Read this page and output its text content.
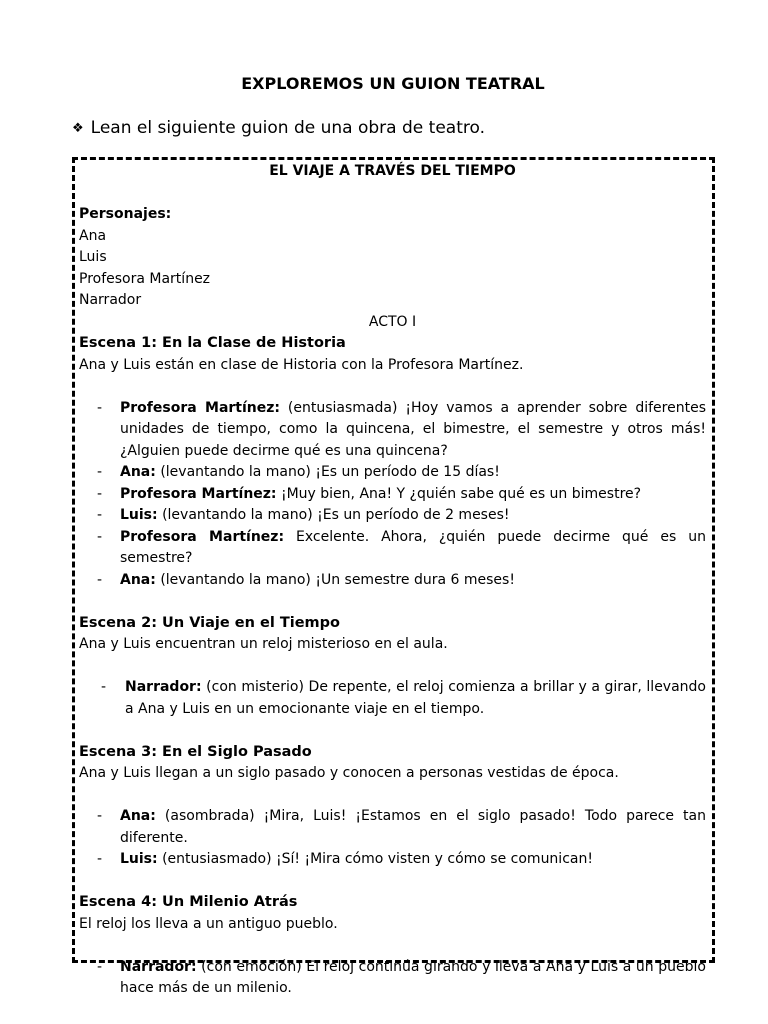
EXPLOREMOS UN GUION TEATRAL
❖ Lean el siguiente guion de una obra de teatro.
EL VIAJE A TRAVÉS DEL TIEMPO
Personajes:
Ana
Luis
Profesora Martínez
Narrador
ACTO I
Escena 1: En la Clase de Historia
Ana y Luis están en clase de Historia con la Profesora Martínez.
- Profesora Martínez: (entusiasmada) ¡Hoy vamos a aprender sobre diferentes unidades de tiempo, como la quincena, el bimestre, el semestre y otros más! ¿Alguien puede decirme qué es una quincena?
- Ana: (levantando la mano) ¡Es un período de 15 días!
- Profesora Martínez: ¡Muy bien, Ana! Y ¿quién sabe qué es un bimestre?
- Luis: (levantando la mano) ¡Es un período de 2 meses!
- Profesora Martínez: Excelente. Ahora, ¿quién puede decirme qué es un semestre?
- Ana: (levantando la mano) ¡Un semestre dura 6 meses!
Escena 2: Un Viaje en el Tiempo
Ana y Luis encuentran un reloj misterioso en el aula.
- Narrador: (con misterio) De repente, el reloj comienza a brillar y a girar, llevando a Ana y Luis en un emocionante viaje en el tiempo.
Escena 3: En el Siglo Pasado
Ana y Luis llegan a un siglo pasado y conocen a personas vestidas de época.
- Ana: (asombrada) ¡Mira, Luis! ¡Estamos en el siglo pasado! Todo parece tan diferente.
- Luis: (entusiasmado) ¡Sí! ¡Mira cómo visten y cómo se comunican!
Escena 4: Un Milenio Atrás
El reloj los lleva a un antiguo pueblo.
- Narrador: (con emoción) El reloj continúa girando y lleva a Ana y Luis a un pueblo hace más de un milenio.
